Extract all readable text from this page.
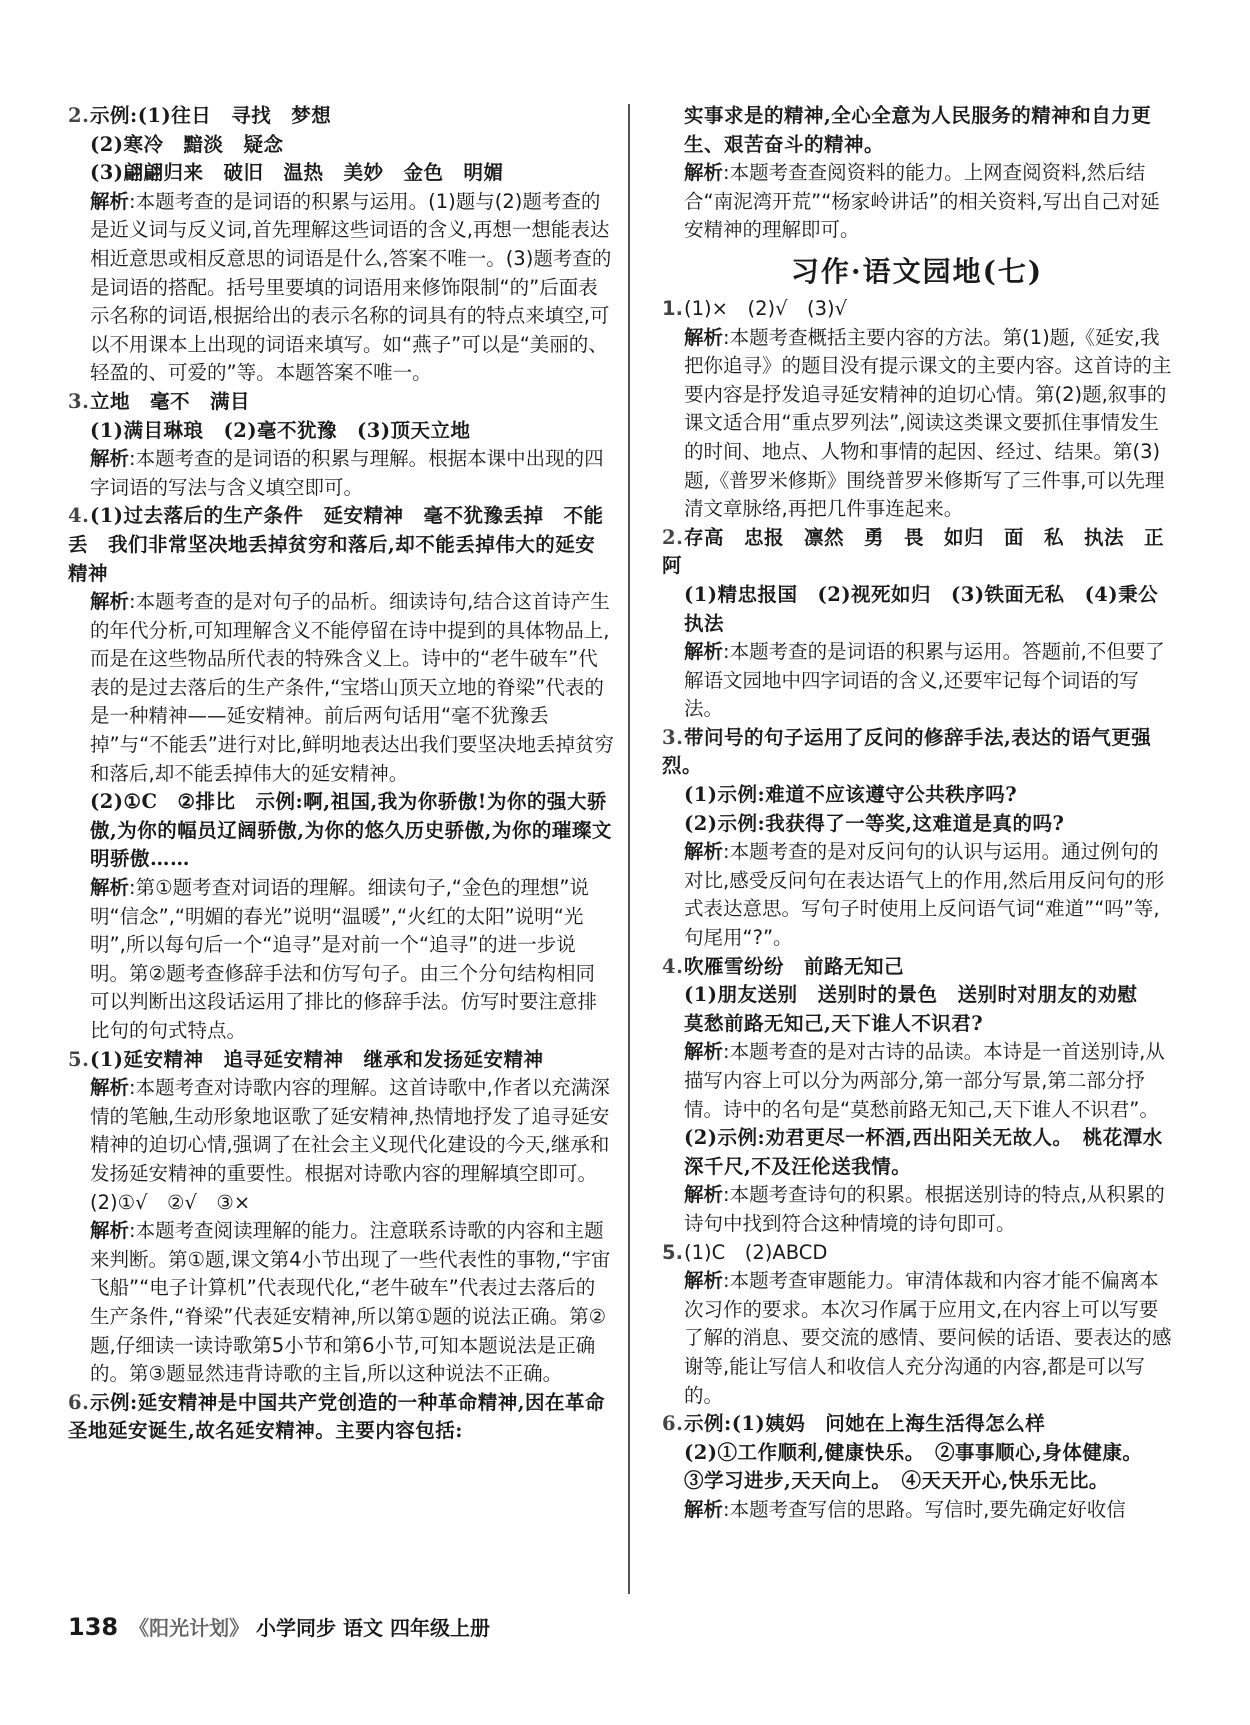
2.示例:(1)往日　寻找　梦想

(2)寒冷　黯淡　疑念

(3)翩翩归来　破旧　温热　美妙　金色　明媚

解析:本题考查的是词语的积累与运用。(1)题与(2)题考查的是近义词与反义词,首先理解这些词语的含义,再想一想能表达相近意思或相反意思的词语是什么,答案不唯一。(3)题考查的是词语的搭配。括号里要填的词语用来修饰限制“的”后面表示名称的词语,根据给出的表示名称的词具有的特点来填空,可以不用课本上出现的词语来填写。如“燕子”可以是“美丽的、轻盈的、可爱的”等。本题答案不唯一。

3.立地　毫不　满目

(1)满目琳琅　(2)毫不犹豫　(3)顶天立地

解析:本题考查的是词语的积累与理解。根据本课中出现的四字词语的写法与含义填空即可。

4.(1)过去落后的生产条件　延安精神　毫不犹豫丢掉　不能丢　我们非常坚决地丢掉贫穷和落后,却不能丢掉伟大的延安精神

解析:本题考查的是对句子的品析。细读诗句,结合这首诗产生的年代分析,可知理解含义不能停留在诗中提到的具体物品上,而是在这些物品所代表的特殊含义上。诗中的“老牛破车”代表的是过去落后的生产条件,“宝塔山顶天立地的脊梁”代表的是一种精神——延安精神。前后两句话用“毫不犹豫丢掉”与“不能丢”进行对比,鲜明地表达出我们要坚决地丢掉贫穷和落后,却不能丢掉伟大的延安精神。

(2)①C　②排比　示例:啊,祖国,我为你骄傲!为你的强大骄傲,为你的幅员辽阔骄傲,为你的悠久历史骄傲,为你的璀璨文明骄傲……

解析:第①题考查对词语的理解。细读句子,“金色的理想”说明“信念”,“明媚的春光”说明“温暖”,“火红的太阳”说明“光明”,所以每句后一个“追寻”是对前一个“追寻”的进一步说明。第②题考查修辞手法和仿写句子。由三个分句结构相同可以判断出这段话运用了排比的修辞手法。仿写时要注意排比句的句式特点。

5.(1)延安精神　追寻延安精神　继承和发扬延安精神

解析:本题考查对诗歌内容的理解。这首诗歌中,作者以充满深情的笔触,生动形象地讴歌了延安精神,热情地抒发了追寻延安精神的迫切心情,强调了在社会主义现代化建设的今天,继承和发扬延安精神的重要性。根据对诗歌内容的理解填空即可。

(2)①√　②√　③×

解析:本题考查阅读理解的能力。注意联系诗歌的内容和主题来判断。第①题,课文第4小节出现了一些代表性的事物,“宇宙飞船”“电子计算机”代表现代化,“老牛破车”代表过去落后的生产条件,“脊梁”代表延安精神,所以第①题的说法正确。第②题,仔细读一读诗歌第5小节和第6小节,可知本题说法是正确的。第③题显然违背诗歌的主旨,所以这种说法不正确。

6.示例:延安精神是中国共产党创造的一种革命精神,因在革命圣地延安诞生,故名延安精神。主要内容包括:

实事求是的精神,全心全意为人民服务的精神和自力更生、艰苦奋斗的精神。

解析:本题考查查阅资料的能力。上网查阅资料,然后结合“南泥湾开荒”“杨家岭讲话”的相关资料,写出自己对延安精神的理解即可。

习作·语文园地(七)

1.(1)×　(2)√　(3)√

解析:本题考查概括主要内容的方法。第(1)题,《延安,我把你追寻》的题目没有提示课文的主要内容。这首诗的主要内容是抒发追寻延安精神的迫切心情。第(2)题,叙事的课文适合用“重点罗列法”,阅读这类课文要抓住事情发生的时间、地点、人物和事情的起因、经过、结果。第(3)题,《普罗米修斯》围绕普罗米修斯写了三件事,可以先理清文章脉络,再把几件事连起来。

2.存高　忠报　凛然　勇　畏　如归　面　私　执法　正　阿

(1)精忠报国　(2)视死如归　(3)铁面无私　(4)秉公执法

解析:本题考查的是词语的积累与运用。答题前,不但要了解语文园地中四字词语的含义,还要牢记每个词语的写法。

3.带问号的句子运用了反问的修辞手法,表达的语气更强烈。

(1)示例:难道不应该遵守公共秩序吗?

(2)示例:我获得了一等奖,这难道是真的吗?

解析:本题考查的是对反问句的认识与运用。通过例句的对比,感受反问句在表达语气上的作用,然后用反问句的形式表达意思。写句子时使用上反问语气词“难道”“吗”等,句尾用“?”。

4.吹雁雪纷纷　前路无知己

(1)朋友送别　送别时的景色　送别时对朋友的劝慰　莫愁前路无知己,天下谁人不识君?

解析:本题考查的是对古诗的品读。本诗是一首送别诗,从描写内容上可以分为两部分,第一部分写景,第二部分抒情。诗中的名句是“莫愁前路无知己,天下谁人不识君”。

(2)示例:劝君更尽一杯酒,西出阳关无故人。　桃花潭水深千尺,不及汪伦送我情。

解析:本题考查诗句的积累。根据送别诗的特点,从积累的诗句中找到符合这种情境的诗句即可。

5.(1)C　(2)ABCD

解析:本题考查审题能力。审清体裁和内容才能不偏离本次习作的要求。本次习作属于应用文,在内容上可以写要了解的消息、要交流的感情、要问候的话语、要表达的感谢等,能让写信人和收信人充分沟通的内容,都是可以写的。

6.示例:(1)姨妈　问她在上海生活得怎么样

(2)①工作顺利,健康快乐。　②事事顺心,身体健康。　③学习进步,天天向上。　④天天开心,快乐无比。

解析:本题考查写信的思路。写信时,要先确定好收信

138 《阳光计划》 小学同步 语文 四年级上册
